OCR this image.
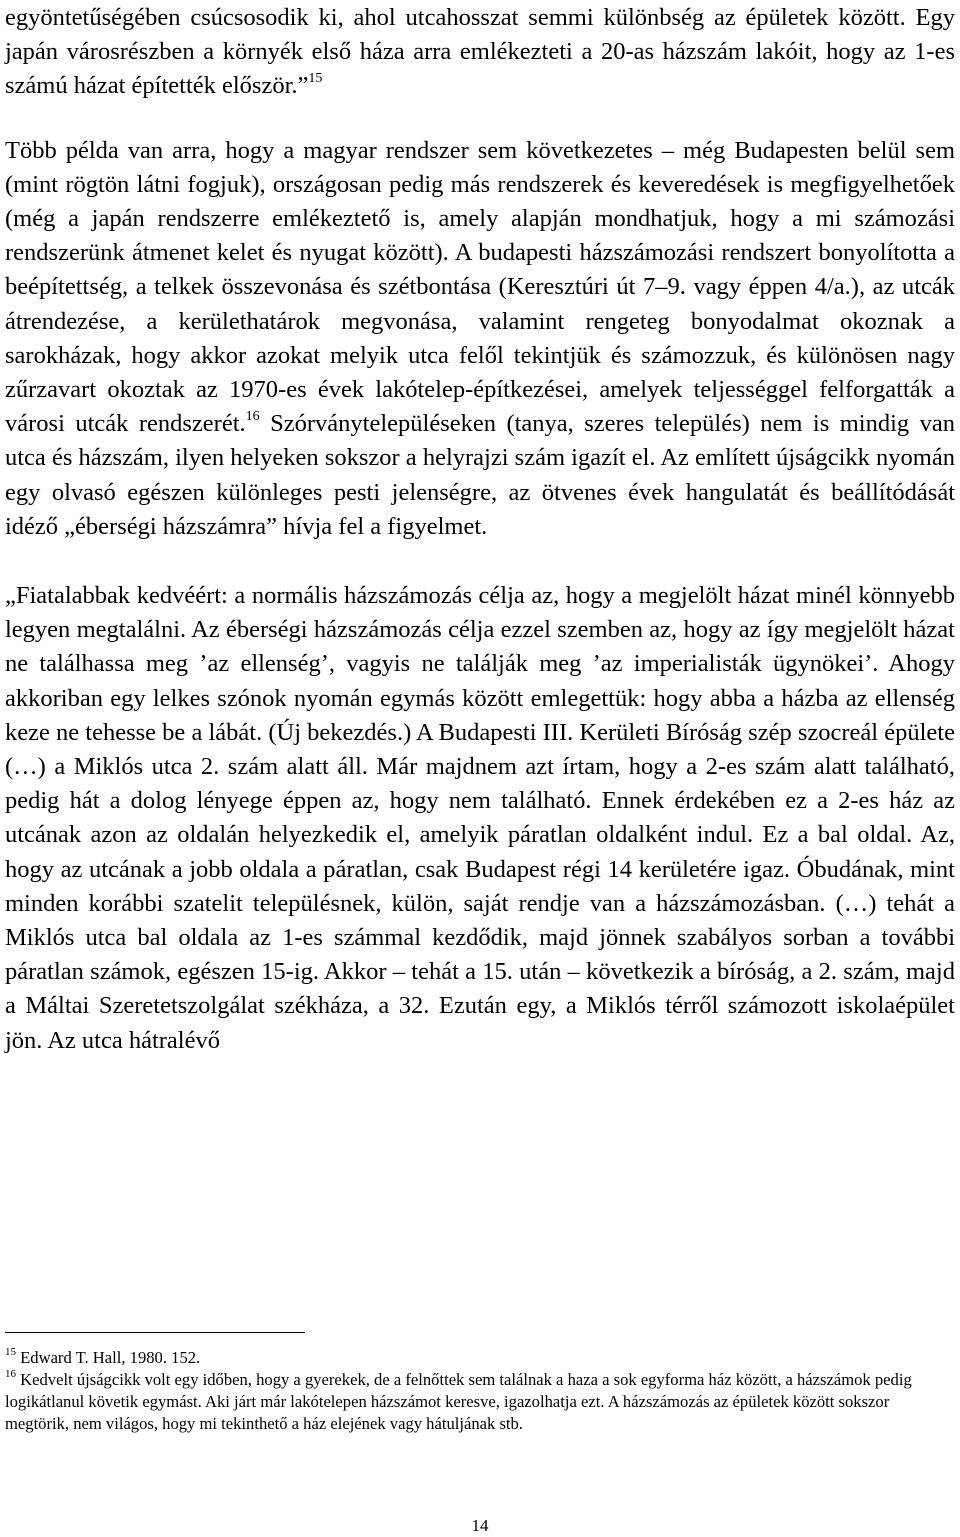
egyöntetűségében csúcsosodik ki, ahol utcahosszat semmi különbség az épületek között. Egy japán városrészben a környék első háza arra emlékezteti a 20-as házszám lakóit, hogy az 1-es számú házat építették először.”$^{15}$

Több példa van arra, hogy a magyar rendszer sem következetes – még Budapesten belül sem (mint rögtön látni fogjuk), országosan pedig más rendszerek és keveredések is megfigyelhetőek (még a japán rendszerre emlékeztető is, amely alapján mondhatjuk, hogy a mi számozási rendszerünk átmenet kelet és nyugat között). A budapesti házszámozási rendszert bonyolította a beépítettség, a telkek összevonása és szétbontása (Keresztúri út 7–9. vagy éppen 4/a.), az utcák átrendezése, a kerülethatárok megvonása, valamint rengeteg bonyodalmat okoznak a sarokházak, hogy akkor azokat melyik utca felől tekintjük és számozzuk, és különösen nagy zűrzavart okoztak az 1970-es évek lakótelep-építkezései, amelyek teljességgel felforgatták a városi utcák rendszerét.$^{16}$ Szórványtelepüléseken (tanya, szeres település) nem is mindig van utca és házszám, ilyen helyeken sokszor a helyrajzi szám igazít el. Az említett újságcikk nyomán egy olvasó egészen különleges pesti jelenségre, az ötvenes évek hangulatát és beállítódását idéző „éberségi házszámra” hívja fel a figyelmet.

„Fiatalabbak kedvéért: a normális házszámozás célja az, hogy a megjelölt házat minél könnyebb legyen megtalálni. Az éberségi házszámozás célja ezzel szemben az, hogy az így megjelölt házat ne találhassa meg ’az ellenség’, vagyis ne találják meg ’az imperialisták ügynökei’. Ahogy akkoriban egy lelkes szónok nyomán egymás között emlegettük: hogy abba a házba az ellenség keze ne tehesse be a lábát. (Új bekezdés.) A Budapesti III. Kerületi Bíróság szép szocreál épülete (…) a Miklós utca 2. szám alatt áll. Már majdnem azt írtam, hogy a 2-es szám alatt található, pedig hát a dolog lényege éppen az, hogy nem található. Ennek érdekében ez a 2-es ház az utcának azon az oldalán helyezkedik el, amelyik páratlan oldalként indul. Ez a bal oldal. Az, hogy az utcának a jobb oldala a páratlan, csak Budapest régi 14 kerületére igaz. Óbudának, mint minden korábbi szatelit településnek, külön, saját rendje van a házszámozásban. (…) tehát a Miklós utca bal oldala az 1-es számmal kezdődik, majd jönnek szabályos sorban a további páratlan számok, egészen 15-ig. Akkor – tehát a 15. után – következik a bíróság, a 2. szám, majd a Máltai Szeretetszolgálat székháza, a 32. Ezután egy, a Miklós térről számozott iskolaépület jön. Az utca hátralévő

$^{15}$ Edward T. Hall, 1980. 152.

$^{16}$ Kedvelt újságcikk volt egy időben, hogy a gyerekek, de a felnőttek sem találnak a haza a sok egyforma ház között, a házszámok pedig logikátlanul követik egymást. Aki járt már lakótelepen házszámot keresve, igazolhatja ezt. A házszámozás az épületek között sokszor megtörik, nem világos, hogy mi tekinthető a ház elejének vagy hátuljának stb.

14
